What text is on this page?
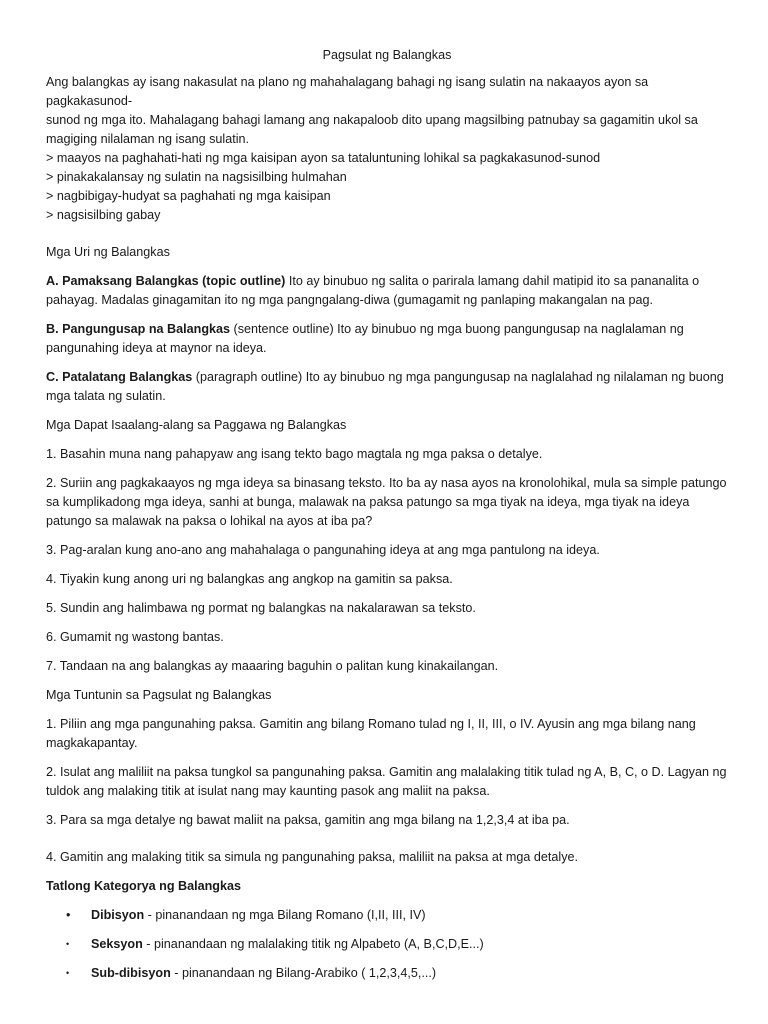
Pagsulat ng Balangkas
Ang balangkas ay isang nakasulat na plano ng mahahalagang bahagi ng isang sulatin na nakaayos ayon sa pagkakasunod-
sunod ng mga ito. Mahalagang bahagi lamang ang nakapaloob dito upang magsilbing patnubay sa gagamitin ukol sa
magiging nilalaman ng isang sulatin.
> maayos na paghahati-hati ng mga kaisipan ayon sa tataluntuning lohikal sa pagkakasunod-sunod
> pinakakalansay ng sulatin na nagsisilbing hulmahan
> nagbibigay-hudyat sa paghahati ng mga kaisipan
> nagsisilbing gabay
Mga Uri ng Balangkas
A. Pamaksang Balangkas (topic outline) Ito ay binubuo ng salita o parirala lamang dahil matipid ito sa pananalita o
pahayag. Madalas ginagamitan ito ng mga pangngalang-diwa (gumagamit ng panlaping makangalan na pag.
B. Pangungusap na Balangkas (sentence outline) Ito ay binubuo ng mga buong pangungusap na naglalaman ng
pangunahing ideya at maynor na ideya.
C. Patalatang Balangkas (paragraph outline) Ito ay binubuo ng mga pangungusap na naglalahad ng nilalaman ng buong
mga talata ng sulatin.
Mga Dapat Isaalang-alang sa Paggawa ng Balangkas
1. Basahin muna nang pahapyaw ang isang tekto bago magtala ng mga paksa o detalye.
2. Suriin ang pagkakaayos ng mga ideya sa binasang teksto. Ito ba ay nasa ayos na kronolohikal, mula sa simple patungo
sa kumplikadong mga ideya, sanhi at bunga, malawak na paksa patungo sa mga tiyak na ideya, mga tiyak na ideya
patungo sa malawak na paksa o lohikal na ayos at iba pa?
3. Pag-aralan kung ano-ano ang mahahalaga o pangunahing ideya at ang mga pantulong na ideya.
4. Tiyakin kung anong uri ng balangkas ang angkop na gamitin sa paksa.
5. Sundin ang halimbawa ng pormat ng balangkas na nakalarawan sa teksto.
6. Gumamit ng wastong bantas.
7. Tandaan na ang balangkas ay maaaring baguhin o palitan kung kinakailangan.
Mga Tuntunin sa Pagsulat ng Balangkas
1. Piliin ang mga pangunahing paksa. Gamitin ang bilang Romano tulad ng I, II, III, o IV. Ayusin ang mga bilang nang
magkakapantay.
2. Isulat ang maliliit na paksa tungkol sa pangunahing paksa. Gamitin ang malalaking titik tulad ng A, B, C, o D. Lagyan ng
tuldok ang malaking titik at isulat nang may kaunting pasok ang maliit na paksa.
3. Para sa mga detalye ng bawat maliit na paksa, gamitin ang mga bilang na 1,2,3,4 at iba pa.
4. Gamitin ang malaking titik sa simula ng pangunahing paksa, maliliit na paksa at mga detalye.
Tatlong Kategorya ng Balangkas
• Dibisyon - pinanandaan ng mga Bilang Romano (I,II, III, IV)
• Seksyon - pinanandaan ng malalaking titik ng Alpabeto (A, B,C,D,E...)
• Sub-dibisyon - pinanandaan ng Bilang-Arabiko ( 1,2,3,4,5,...)
